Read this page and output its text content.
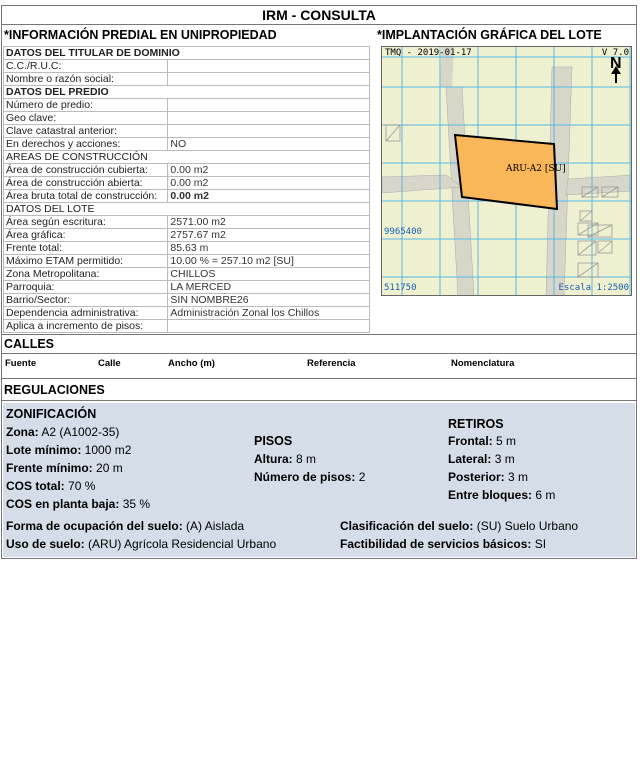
IRM - CONSULTA
*INFORMACIÓN PREDIAL EN UNIPROPIEDAD	*IMPLANTACIÓN GRÁFICA DEL LOTE
DATOS DEL TITULAR DE DOMINIO	
C.C./R.U.C:	
Nombre o razón social:	
DATOS DEL PREDIO	
Número de predio:	
Geo clave:	
Clave catastral anterior:	
En derechos y acciones:	NO
AREAS DE CONSTRUCCIÓN	
Área de construcción cubierta:	0.00 m2
Área de construcción abierta:	0.00 m2
Área bruta total de construcción:	0.00 m2
DATOS DEL LOTE	
Área según escritura:	2571.00 m2
Área gráfica:	2757.67 m2
Frente total:	85.63 m
Máximo ETAM permitido:	10.00 % = 257.10 m2 [SU]
Zona Metropolitana:	CHILLOS
Parroquia:	LA MERCED
Barrio/Sector:	SIN NOMBRE26
Dependencia administrativa:	Administración Zonal los Chillos
Aplica a incremento de pisos:	
TMQ - 2019-01-17	V 7.0
N
ARU-A2 [SU]
9965400
511750	Escala 1:2500
CALLES
Fuente	Calle	Ancho (m)	Referencia	Nomenclatura
REGULACIONES
ZONIFICACIÓN
Zona: A2 (A1002-35)
Lote mínimo: 1000 m2
Frente mínimo: 20 m
COS total: 70 %
COS en planta baja: 35 %
PISOS
Altura: 8 m
Número de pisos: 2
RETIROS
Frontal: 5 m
Lateral: 3 m
Posterior: 3 m
Entre bloques: 6 m
Forma de ocupación del suelo: (A) Aislada
Uso de suelo: (ARU) Agrícola Residencial Urbano
Clasificación del suelo: (SU) Suelo Urbano
Factibilidad de servicios básicos: SI
